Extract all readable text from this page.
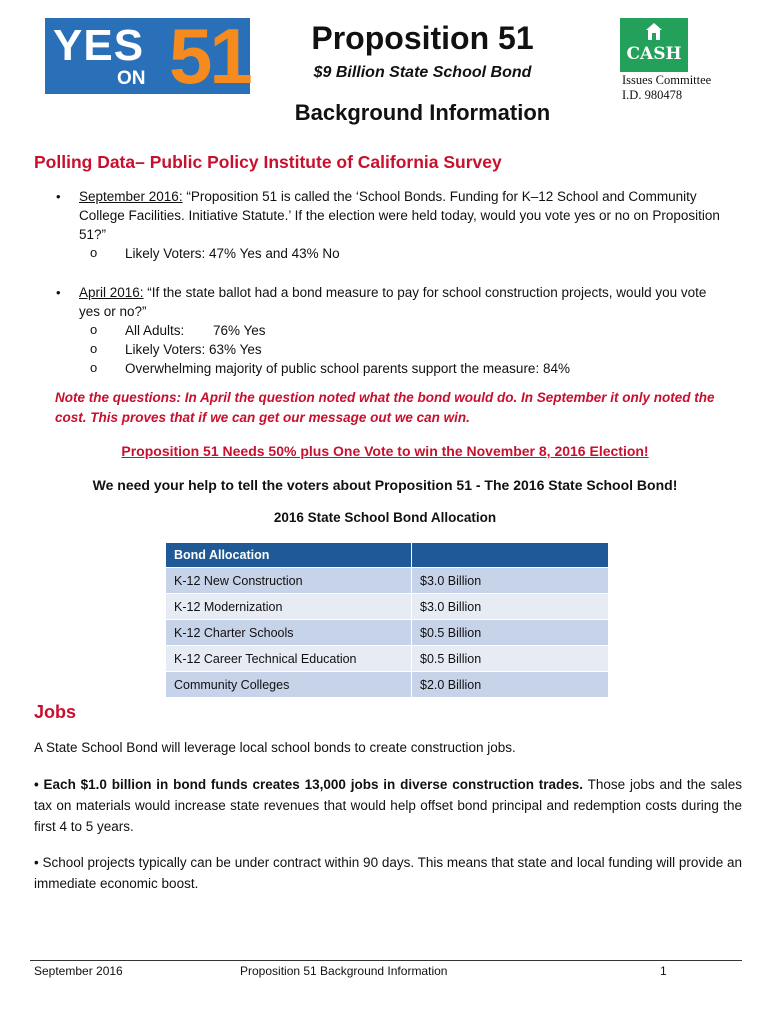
YES
ON 51	Proposition 51
$9 Billion State School Bond
Background Information
CASH
Issues Committee
I.D. 980478
Polling Data– Public Policy Institute of California Survey
• September 2016: “Proposition 51 is called the ‘School Bonds. Funding for K–12 School and Community
College Facilities. Initiative Statute.’ If the election were held today, would you vote yes or no on Proposition
51?”
o Likely Voters: 47% Yes and 43% No
• April 2016: “If the state ballot had a bond measure to pay for school construction projects, would you vote
yes or no?”
o All Adults: 76% Yes
o Likely Voters: 63% Yes
o Overwhelming majority of public school parents support the measure: 84%
Note the questions: In April the question noted what the bond would do. In September it only noted the
cost. This proves that if we can get our message out we can win.
Proposition 51 Needs 50% plus One Vote to win the November 8, 2016 Election!
We need your help to tell the voters about Proposition 51 - The 2016 State School Bond!
2016 State School Bond Allocation
Bond Allocation	
K-12 New Construction	$3.0 Billion
K-12 Modernization	$3.0 Billion
K-12 Charter Schools	$0.5 Billion
K-12 Career Technical Education	$0.5 Billion
Community Colleges	$2.0 Billion
Jobs
A State School Bond will leverage local school bonds to create construction jobs.
• Each $1.0 billion in bond funds creates 13,000 jobs in diverse construction trades. Those jobs and the sales tax on materials would increase state revenues that would help offset bond principal and redemption costs during the first 4 to 5 years.
• School projects typically can be under contract within 90 days. This means that state and local funding will provide an immediate economic boost.
September 2016	Proposition 51 Background Information	1
